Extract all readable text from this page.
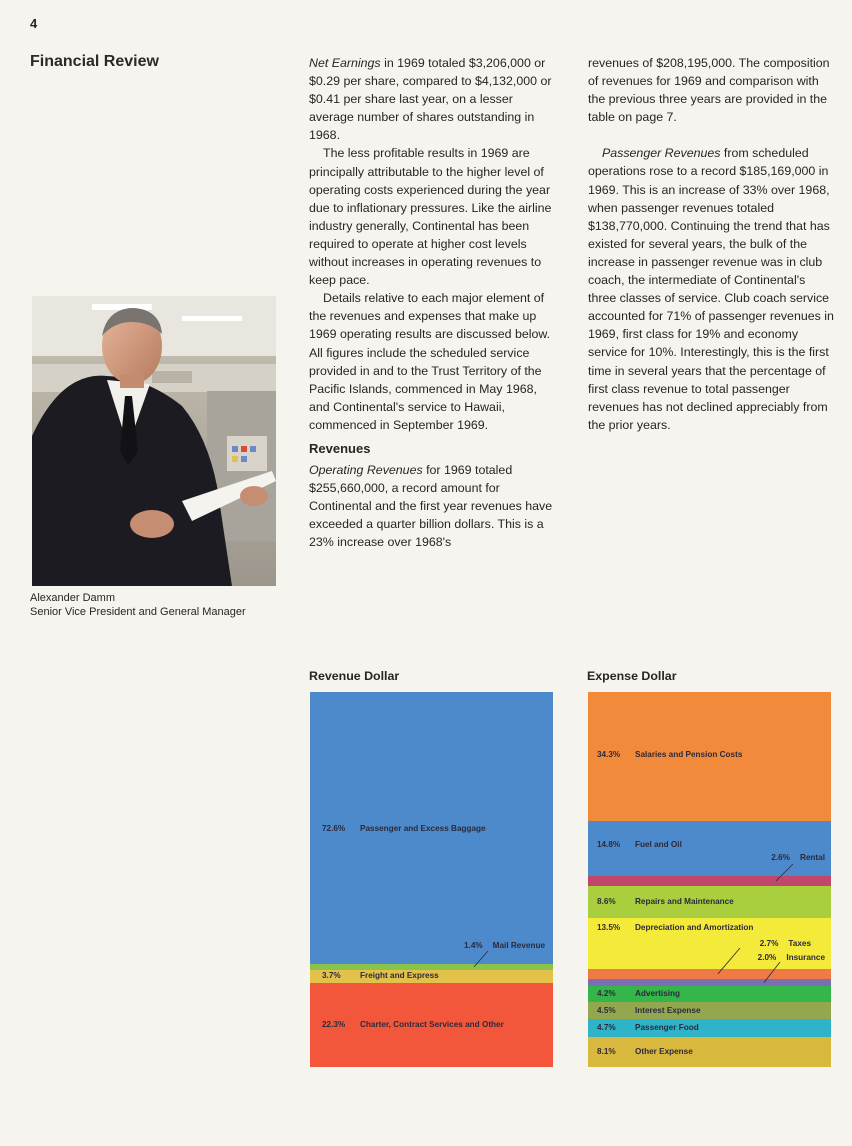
4
Financial Review	Net Earnings in 1969 totaled $3,206,000 or $0.29 per share, compared to $4,132,000 or $0.41 per share last year, on a lesser average number of shares outstanding in 1968.

The less profitable results in 1969 are principally attributable to the higher level of operating costs experienced during the year due to inflationary pressures. Like the airline industry generally, Continental has been required to operate at higher cost levels without increases in operating revenues to keep pace.

Details relative to each major element of the revenues and expenses that make up 1969 operating results are discussed below. All figures include the scheduled service provided in and to the Trust Territory of the Pacific Islands, commenced in May 1968, and Continental's service to Hawaii, commenced in September 1969.

Revenues

Operating Revenues for 1969 totaled $255,660,000, a record amount for Continental and the first year revenues have exceeded a quarter billion dollars. This is a 23% increase over 1968's

revenues of $208,195,000. The composition of revenues for 1969 and comparison with the previous three years are provided in the table on page 7.

Passenger Revenues from scheduled operations rose to a record $185,169,000 in 1969. This is an increase of 33% over 1968, when passenger revenues totaled $138,770,000. Continuing the trend that has existed for several years, the bulk of the increase in passenger revenue was in club coach, the intermediate of Continental's three classes of service. Club coach service accounted for 71% of passenger revenues in 1969, first class for 19% and economy service for 10%. Interestingly, this is the first time in several years that the percentage of first class revenue to total passenger revenues has not declined appreciably from the prior years.

Alexander Damm
Senior Vice President and General Manager
Revenue Dollar
72.6% Passenger and Excess Baggage
1.4% Mail Revenue
3.7% Freight and Express
22.3% Charter, Contract Services and Other
Expense Dollar
34.3% Salaries and Pension Costs
14.8% Fuel and Oil
2.6% Rental
8.6% Repairs and Maintenance
13.5% Depreciation and Amortization
2.7% Taxes
2.0% Insurance
4.2% Advertising
4.5% Interest Expense
4.7% Passenger Food
8.1% Other Expense
